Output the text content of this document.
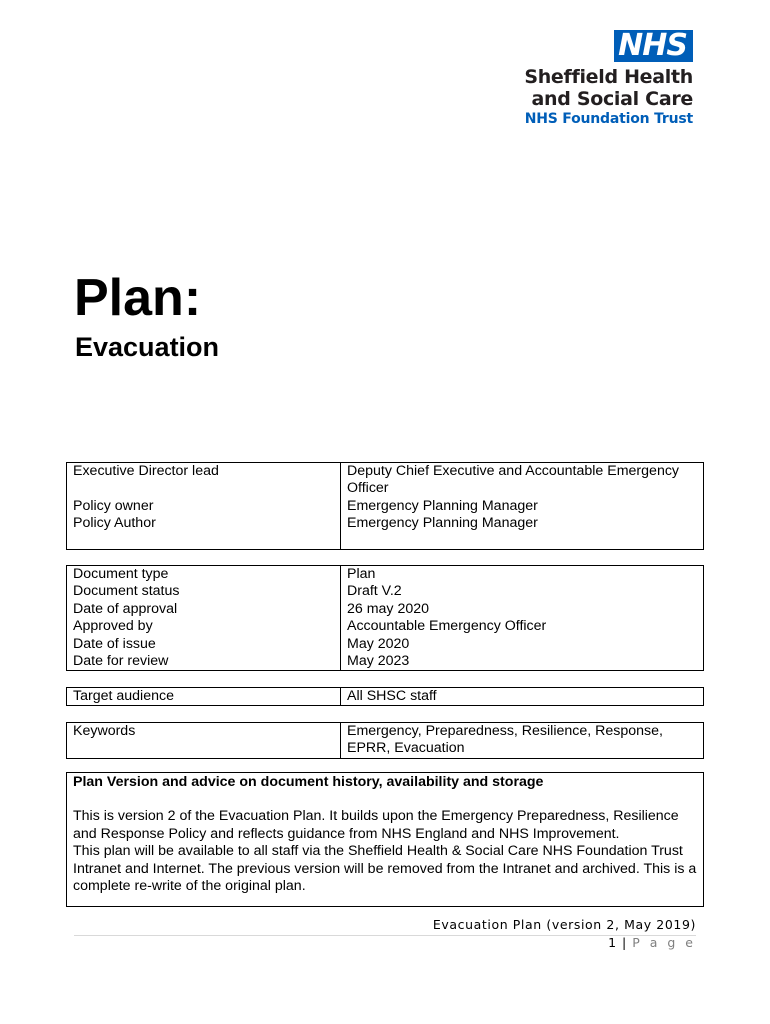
NHS
Sheffield Health
and Social Care
NHS Foundation Trust
Plan:
Evacuation
Executive Director lead	Deputy Chief Executive and Accountable Emergency Officer
Policy owner	Emergency Planning Manager
Policy Author	Emergency Planning Manager
Document type	Plan
Document status	Draft V.2
Date of approval	26 may 2020
Approved by	Accountable Emergency Officer
Date of issue	May 2020
Date for review	May 2023
Target audience	All SHSC staff
Keywords	Emergency, Preparedness, Resilience, Response, EPRR, Evacuation
Plan Version and advice on document history, availability and storage

This is version 2 of the Evacuation Plan. It builds upon the Emergency Preparedness, Resilience and Response Policy and reflects guidance from NHS England and NHS Improvement.

This plan will be available to all staff via the Sheffield Health & Social Care NHS Foundation Trust Intranet and Internet. The previous version will be removed from the Intranet and archived. This is a complete re-write of the original plan.

Evacuation Plan (version 2, May 2019)
1 | P a g e
